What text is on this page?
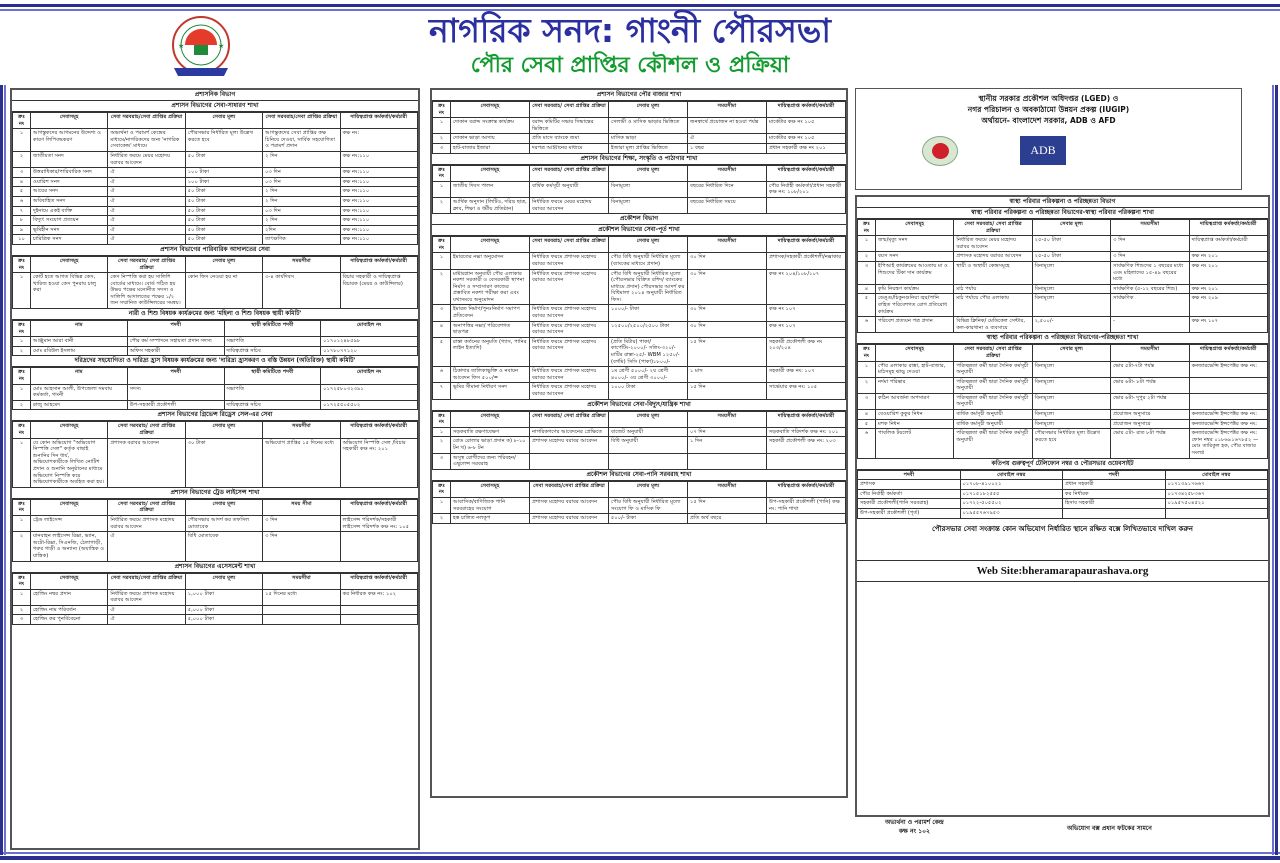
★	★	নাগরিক সনদ: গাংনী পৌরসভা
পৌর সেবা প্রাপ্তির কৌশল ও প্রক্রিয়া
স্থানীয় সরকার প্রকৌশল অধিদপ্তর (LGED) ও
নগর পরিচালন ও অবকাঠামো উন্নয়ন প্রকল্প (IUGIP)
অর্থায়নে- বাংলাদেশ সরকার, ADB ও AFD
ADB
প্রশাসনিক বিভাগ
প্রশাসন বিভাগের সেবা-সাধারণ শাখা
ক্রঃ নং	সেবাসমূহ	সেবা সরবরাহ/সেবা প্রাপ্তির প্রক্রিয়া	সেবার মূল্য	সেবা সরবরাহ/সেবা প্রাপ্তির প্রক্রিয়া	দায়িত্বপ্রাপ্ত কর্মকর্তা/কর্মচারী
১	আগন্তুকদের আগমনের উদ্দেশ্য ও কারণ লিপিবদ্ধকরণ	অভ্যর্থনা ও পরামর্শ কেন্দ্রের মাধ্যমে/নাগরিকদের জন্য 'নাগরিক সেবাকেন্দ্র' মাধ্যমে	পৌরসভার নির্ধারিত মূল্য উল্লেখ করতে হবে	আগন্তুকদের সেবা প্রাপ্তির কক্ষ চিনিয়ে দেওয়া, সার্বিক সহযোগিতা ও পরামর্শ প্রদান	কক্ষ নং:
২	জাতীয়তা সনদ	নির্ধারিত ফরমে মেয়র মহোদয় বরাবর আবেদন	৫০ টাকা	২ দিন	কক্ষ নং:১১০
৩	উত্তরাধিকার/পারিবারিক সনদ	ঐ	১০০ টাকা	০৩ দিন	কক্ষ নং:১১০
৪	ওয়ারিশ সনদ	ঐ	১০০ টাকা	০৩ দিন	কক্ষ নং:১১০
৫	আয়ের সনদ	ঐ	৫০ টাকা	২ দিন	কক্ষ নং:১১০
৬	অবিবাহিত সনদ	ঐ	৫০ টাকা	২ দিন	কক্ষ নং:১১০
৭	দুইনামে একই ব্যক্তি	ঐ	৫০ টাকা	০৩ দিন	কক্ষ নং:১১০
৮	বিদ্যুৎ সংযোগ প্রত্যয়ন	ঐ	৫০ টাকা	২ দিন	কক্ষ নং:১১০
৯	ভূমিহীন সনদ	ঐ	৫০ টাকা	২দিন	কক্ষ নং:১১০
১০	চারিত্রিক সনদ	ঐ	৫০ টাকা	তাৎক্ষণিক	কক্ষ নং:১১০
প্রশাসন বিভাগের পারিবারিক আদালতের সেবা
ক্রঃ নং	সেবাসমূহ	সেবা সরবরাহ/ সেবা প্রাপ্তির প্রক্রিয়া	সেবার মূল্য	সময়সীমা	দায়িত্বপ্রাপ্ত কর্মকর্তা/কর্মচারী
১	কোর্ট হতে আগত বিভিন্ন কেস, খারিজ হওয়া কেস পুনরায় চালু করা	কেস নিস্পত্তি করা হয় সালিশি বোর্ডের মাধ্যমে। বোর্ড গঠিত হয় উভয় পক্ষের মনোনীত সদস্য ও সালিশি আদালতের পক্ষের ১/২ জন সম্মানিত কাউন্সিলরের সমন্বয়।	কোন ফিস নেওয়া হয় না	৩-৪ কার্যদিবস	বিচার সহকারী ও দায়িত্বপ্রাপ্ত বিচারক (মেয়র ও কাউন্সিলর)
নারী ও শিশু বিষয়ক কার্যক্রমের জন্য 'মহিলা ও শিশু বিষয়ক স্থায়ী কমিটি'
ক্রঃ নং	নাম	পদবী	স্থায়ী কমিটিতে পদবী	মোবাইল নং
১	আঞ্জুমান আরা বানী	পৌর কর্ম সম্পাদনে সহায়তা প্রদান সদস্য	সভাপতি	০১৭০১২৪৮৫৯৮
২	মোঃ রবিউল ইসলাম	অফিস সহকারী	দায়িত্বপ্রাপ্ত সচিব	০১৭৮০৭৭১২০
দরিদ্রদের সহযোগিতা ও দারিদ্র্য হ্রাস বিষয়ক কার্যক্রমের জন্য 'দারিদ্র্য হ্রাসকরণ ও বস্তি উন্নয়ন (অতিরিক্ত) স্থায়ী কমিটি'
ক্রঃ নং	নাম	পদবী	স্থায়ী কমিটিতে পদবী	মোবাইল নং
১	মোঃ আহসান আলী, উপজেলা সমবায় কর্মকর্তা, গাংনী	সদস্য	সভাপতি	০১৭২৫৮০৩২৩৯১
২	রাজু আহমেদ	উপ-সহকারী প্রকৌশলী	দায়িত্বপ্রাপ্ত সচিব	০১৭২৫৫০৫৫০২
প্রশাসন বিভাগের গ্রিভেন্স রিড্রেস সেল-এর সেবা
ক্রঃ নং	সেবাসমূহ	সেবা সরবরাহ/ সেবা প্রাপ্তির প্রক্রিয়া	সেবার মূল্য	সময়সীমা	দায়িত্বপ্রাপ্ত কর্মকর্তা/কর্মচারী
১	যে কোন অভিযোগ "অভিযোগ নিস্পত্তি সেল" কর্তৃক বাছাই শুনানির দিন ধার্য, অভিযোগকারীকে লিখিত নোটিশ প্রদান ও শুনানি অনুষ্ঠানের মাধ্যমে অভিযোগ নিস্পত্তি করে অভিযোগকারীকে অবহিত করা হয়।	প্রশাসক বরাবর আবেদন	৩০ টাকা	অভিযোগ প্রাপ্তির ১৫ দিনের মধ্যে	অভিযোগ নিস্পত্তি সেল /বিচার সহকারী কক্ষ নং: ২০১
প্রশাসন বিভাগের ট্রেড লাইসেন্স শাখা
ক্রঃ নং	সেবাসমূহ	সেবা সরবরাহ/ সেবা প্রাপ্তির প্রক্রিয়া	সেবার মূল্য	সময় সীমা	দায়িত্বপ্রাপ্ত কর্মকর্তা/কর্মচারী
১	ট্রেড লাইসেন্স	নির্ধারিত ফরমে প্রশাসক মহোদয় বরাবর আবেদন	পৌরসভার আদর্শ কর তফসিল মোতাবেক	৩ দিন	লাইসেন্স পরিদর্শক/সহকারী লাইসেন্স পরিদর্শক কক্ষ নং: ১০৫
২	যানবাহন লাইসেন্স রিক্সা, ভ্যান, অটো-রিক্সা, সিএনজি, ঠেলাগাড়ী, গরুর গাড়ী ও অন্যান্য (অযান্ত্রিক ও যান্ত্রিক)	ঐ	বিধি মোতাবেক	৩ দিন	
প্রশাসন বিভাগের এসেসমেন্ট শাখা
ক্রঃ নং	সেবাসমূহ	সেবা সরবরাহ/সেবা প্রাপ্তির প্রক্রিয়া	সেবার মূল্য	সময়সীমা	দায়িত্বপ্রাপ্ত কর্মকর্তা/কর্মচারী
১	হোল্ডিং নম্বর প্রদান	নির্ধারিত ফরমে প্রশাসক মহোদয় বরাবর আবেদন	১,০০০ টাকা	১৫ দিনের মধ্যে	কর নির্ধারক কক্ষ নং: ১০২
২	হোল্ডিং নাম পরিবর্তন	ঐ	৫,০০০ টাকা		
৩	হোল্ডিং কর পুনর্বিবেচনা	ঐ	৫,০০০ টাকা		
প্রশাসন বিভাগের পৌর বাজার শাখা
ক্রঃ নং	সেবাসমূহ	সেবা সরবরাহ/ সেবা প্রাপ্তির প্রক্রিয়া	সেবার মূল্য	সময়সীমা	দায়িত্বপ্রাপ্ত কর্মকর্তা/কর্মচারী
১	দোকান বরাদ্দ সংক্রান্ত কার্যক্রম	বরাদ্দ কমিটির সভার সিদ্ধান্তের ভিত্তিতে	সেলামী ও মাসিক ভাড়ার ভিত্তিতে	জনস্বার্থে প্রয়োজন না হওয়া পর্যন্ত	মার্কেটার কক্ষ নং ১০৫
২	দোকান ভাড়া আদায়	প্রতি মাসে ব্যাংকে জমা	মাসিক ভাড়া	ঐ	মার্কেটার কক্ষ নং ১০৫
৩	হাট-বাজার ইজারা	দরপত্র আহ্বানের মাধ্যমে	ইজারা মূল্য প্রাপ্তির ভিত্তিতে	১ বছর	প্রধান সহকারী কক্ষ নং ২০১
প্রশাসন বিভাগের শিক্ষা, সংস্কৃতি ও পাঠাগার শাখা
ক্রঃ নং	সেবাসমূহ	সেবা সরবরাহ/ সেবা প্রাপ্তির প্রক্রিয়া	সেবার মূল্য	সময়সীমা	দায়িত্বপ্রাপ্ত কর্মকর্তা/কর্মচারী
১	জাতীয় দিবস পালন	বার্ষিক কর্মসূচী অনুযায়ী	বিনামূল্যে	বছরের নির্ধারিত দিনে	পৌর নির্বাহী কর্মকর্তা/প্রধান সহকারী কক্ষ নং: ১০৮/২০১
২	আর্থিক অনুদান (লিটিও, দরিদ্র ছাত্র, ক্লাব, শিক্ষা ও ধর্মীয় প্রতিষ্ঠান)	নির্ধারিত ফরমে মেয়র মহোদয় বরাবর আবেদন	বিনামূল্যে	বছরের নির্ধারিত সময়ে	
প্রকৌশল বিভাগ
প্রকৌশল বিভাগের সেবা-পূর্ত শাখা
ক্রঃ নং	সেবাসমূহ	সেবা সরবরাহ/ সেবা প্রাপ্তির প্রক্রিয়া	সেবার মূল্য	সময়সীমা	দায়িত্বপ্রাপ্ত কর্মকর্তা/কর্মচারী
১	ইমারতের নক্সা অনুমোদন	নির্ধারিত ফরমে প্রশাসক মহোদয় বরাবর আবেদন	পৌর বিধি অনুযায়ী নির্ধারিত মূল্যে (ব্যাংকের মাধ্যমে প্রদান)	৩০ দিন	প্রশাসক/সহকারী প্রকৌশলী/নক্সাকার
২	মাষ্টারপ্লান অনুযায়ী পৌর এলাকার নকশা সরকারী ও বেসরকারী স্থাপনা নির্মাণ ও সম্প্রসারণ কাজের প্রস্তাবিত নকশা পরীক্ষা করা এবং যথাসময়ে অনুমোদন	নির্ধারিত ফরমে প্রশাসক মহোদয় বরাবর আবেদন	পৌর বিধি অনুযায়ী নির্ধারিত মূল্যে (পৌরসভার বিক্রিত রশিদ/ ব্যাংকের মাধ্যমে প্রদান) পৌরসভার আদর্শ কর বিধিমালা ২০১৪ অনুযায়ী নির্ধারিত ফিস।	৩০ দিন	কক্ষ নং ২০৪/১০৮/১০৭
৩	ইমারত নির্মাণ/পুনঃনির্মাণ সমাপণ প্রতিবেদন	নির্ধারিত ফরমে প্রশাসক মহোদয় বরাবর আবেদন	১০০০/- টাকা	৩০ দিন	কক্ষ নং ১০৭
৪	অনাপত্তির নক্সা/ পরিবেশগত ছাড়পত্র	নির্ধারিত ফরমে প্রশাসক মহোদয় বরাবর আবেদন	১২৫০০/২৫০০/২৫০০ টাকা	৩০ দিন	কক্ষ নং ১০৭
৫	রাস্তা কর্তনের অনুমতি (গ্যাস, পানির লাইন ইত্যাদি)	নির্ধারিত ফরমে প্রশাসক মহোদয় বরাবর আবেদন	(প্রতি মিটার) পাকা/কার্পেটিং-২০০০/- সলিং-৩২০/- মাটির রাস্তা-২৫/- WBM ১২৫০/-(বর্গমি) সিসি (পাকা)১৮০০/-	১৫ দিন	সহকারী প্রকৌশলী কক্ষ নং ২০৩/২০৪
৬	ঠিকাদার তালিকাভুক্তি ও নবায়ন আবেদন ফিস ৫০০/=	নির্ধারিত ফরমে প্রশাসক মহোদয় বরাবর আবেদন	১ম শ্রেণী ৫০০০/- ২য় শ্রেণী ৪০০০/- ৩য় শ্রেণী ৩০০০/-	১ মাস	সহকারী কক্ষ নং: ১০৭
৭	ভূমির সীমানা নির্ধারণ সনদ	নির্ধারিত ফরমে প্রশাসক মহোদয় বরাবর আবেদন	১০০০ টাকা	১৫ দিন	সার্ভেয়ার কক্ষ নং: ১০৫
প্রকৌশল বিভাগের সেবা-বিদ্যুৎ/যান্ত্রিক শাখা
ক্রঃ নং	সেবাসমূহ	সেবা সরবরাহ/ সেবা প্রাপ্তির প্রক্রিয়া	সেবার মূল্য	সময়সীমা	দায়িত্বপ্রাপ্ত কর্মকর্তা/কর্মচারী
১	সড়কবাতি রক্ষণাবেক্ষণ	নাগরিকগণের আবেদনের প্রেক্ষিতে	বাজেট অনুযায়ী	০৭ দিন	সড়কবাতি পরিদর্শক কক্ষ নং: ২০১
২	রোড রোলার ভাড়া প্রদান ক) ৮-১০ টন খ) ৬-৮ টন	প্রশাসক মহোদয় বরাবর আবেদন	বিধি অনুযায়ী	১ দিন	সহকারী প্রকৌশলী কক্ষ নং: ২০৩
৩	অসুস্থ রোগীদের জন্য পরিবহন/এম্বুলেন্স সরবরাহ				
প্রকৌশল বিভাগের সেবা-পানি সরবরাহ শাখা
ক্রঃ নং	সেবাসমূহ	সেবা সরবরাহ/সেবা প্রাপ্তির প্রক্রিয়া	সেবার মূল্য	সময়সীমা	দায়িত্বপ্রাপ্ত কর্মকর্তা/কর্মচারী
১	আবাসিক/বাণিজ্যিক পানি সরবরাহের সংযোগ	প্রশাসক মহোদয় বরাবর আবেদন	পৌর বিধি অনুযায়ী নির্ধারিত মূল্যে সংযোগ ফি ও মাসিক ফি	১৫ দিন	উপ-সহকারী প্রকৌশলী (পানি) কক্ষ নং: পানি শাখা
২	হস্ত চালিত নলকূপ	প্রশাসক মহোদয় বরাবর আবেদন	৫০০/- টাকা	প্রতি অর্থ বছরে	
স্বাস্থ্য পরিবার পরিকল্পনা ও পরিচ্ছন্নতা বিভাগ
স্বাস্থ্য পরিবার পরিকল্পনা ও পরিচ্ছন্নতা বিভাগের-স্বাস্থ্য পরিবার পরিকল্পনা শাখা
ক্রঃ নং	সেবাসমূহ	সেবা সরবরাহ/ সেবা প্রাপ্তির প্রক্রিয়া	সেবার মূল্য	সময়সীমা	দায়িত্বপ্রাপ্ত কর্মকর্তা/কর্মচারী
১	জন্ম/মৃত্যু সনদ	নির্ধারিত ফরমে মেয়র মহোদয় বরাবর আবেদন	২৫-৫০ টাকা	৩ দিন	দায়িত্বপ্রাপ্ত কর্মকর্তা/কর্মচারী
২	বয়স সনদ	প্রশাসক মহোদয় বরাবর আবেদন	২৫-৫০ টাকা	৩ দিন	কক্ষ নং ২০১
৩	ইপিআই কার্যক্রমের আওতায় মা ও শিশুদের টিকা দান কার্যক্রম	স্থায়ী ও অস্থায়ী কেন্দ্রসমূহে	বিনামূল্যে	সার্বক্ষণিক শিশুদের ১ বছরের মধ্যে এবং মহিলাদের ১৫-৪৯ বছরের মধ্যে	কক্ষ নং ২০১
৪	কৃমি নিয়ন্ত্রণ কার্যক্রম	মাঠ পর্যায়	বিনামূল্যে	সার্বক্ষণিক (৫-১২ বছরের শিশু)	কক্ষ নং ২০১
৫	ডেঙ্গু/চিকুনগুনিয়া জ্বর/পানি বাহিত পরিবেশগত রোগ প্রতিরোধ কার্যক্রম	মাঠ পর্যায়ে পৌর এলাকায়	বিনামূল্যে	সার্বক্ষণিক	কক্ষ নং ২০৯
৬	পরিবেশ প্রত্যয়ন পত্র প্রদান	বিভিন্ন ক্লিনিক/ মেডিকেল সেন্টার, কল-কারখানা ও ব্যবসায়ে	২,৫০০/-	-	কক্ষ নং ১০৭
স্বাস্থ্য পরিবার পরিকল্পনা ও পরিচ্ছন্নতা বিভাগের-পরিচ্ছন্নতা শাখা
ক্রঃ নং	সেবাসমূহ	সেবা সরবরাহ/ সেবা প্রাপ্তির প্রক্রিয়া	সেবার মূল্য	সময়সীমা	দায়িত্বপ্রাপ্ত কর্মকর্তা/কর্মচারী
১	পৌর এলাকার রাস্তা, হাট-বাজার, মাঠসমূহ ঝাড়ু দেওয়া	পরিচ্ছন্নতা কর্মী দ্বারা দৈনিক কর্মসূচী অনুযায়ী	বিনামূল্যে	ভোর ৫টা-৭টা পর্যন্ত	কনজারভেন্সি ইন্সপেক্টর কক্ষ নং:
২	নর্দমা পরিষ্কার	পরিচ্ছন্নতা কর্মী দ্বারা দৈনিক কর্মসূচী অনুযায়ী	বিনামূল্যে	ভোর ৬টা- ৮টা পর্যন্ত	
৩	কঠিন আবর্জনা অপসারণ	পরিচ্ছন্নতা কর্মী দ্বারা দৈনিক কর্মসূচী অনুযায়ী	বিনামূল্যে	ভোর ৬টা- দুপুর ২টা পর্যন্ত	
৪	বেওয়ারিশ কুকুর নিধন	বার্ষিক কর্মসূচী অনুযায়ী	বিনামূল্যে	প্রয়োজন অনুসারে	কনজারভেন্সি ইন্সপেক্টর কক্ষ নং:
৫	মশক নিধন	বার্ষিক কর্মসূচী অনুযায়ী	বিনামূল্যে	প্রয়োজন অনুসারে	কনজারভেন্সি ইন্সপেক্টর কক্ষ নং:
৬	পাবলিক টয়লেট	পরিচ্ছন্নতা কর্মী দ্বারা দৈনিক কর্মসূচী অনুযায়ী	পৌরসভার নির্ধারিত মূল্য উল্লেখ করতে হবে	ভোর ৫টা- রাত ৮টা পর্যন্ত	কনজারভেন্সি ইন্সপেক্টর কক্ষ নং: ফোন নম্বর ০১৮৬৯১৬৭৮৫২ — মোঃ তারিকুল হক, পৌর বাজার সংলগ্ন
কতিপয় গুরুত্বপূর্ণ টেলিফোন নম্বর ও পৌরসভার ওয়েবসাইট
পদবী	মোবাইল নম্বর	পদবী	মোবাইল নম্বর
প্রশাসক	০১৭০৮-৪১০০২১	প্রধান সহকারী	০১৭১৩৯১৭৬৬৭
পৌর নির্বাহী কর্মকর্তা	০১৭১৫১৮২৫৫৫	কর নির্ধারক	০১৭৩৪২৫৮৩৬৭
সহকারী প্রকৌশলী(পানি সরবরাহ)	০১৭২২-৫০৫৫০২	হিসাব সহকারী	০১৯৫৭৫০৪৫২১
উপ-সহকারী প্রকৌশলী (পূর্ত)	০১৯৫৫৭৬৭৯৫৩		
পৌরসভার সেবা সংক্রান্ত কোন অভিযোগ নির্ধারিত স্থানে রক্ষিত বক্সে লিখিতভাবে দাখিল করুন
Web Site:bheramarapaurashava.org
অভ্যর্থনা ও পরামর্শ কেন্দ্র
কক্ষ নং ১০২	অভিযোগ বক্স প্রধান ফটকের সামনে
